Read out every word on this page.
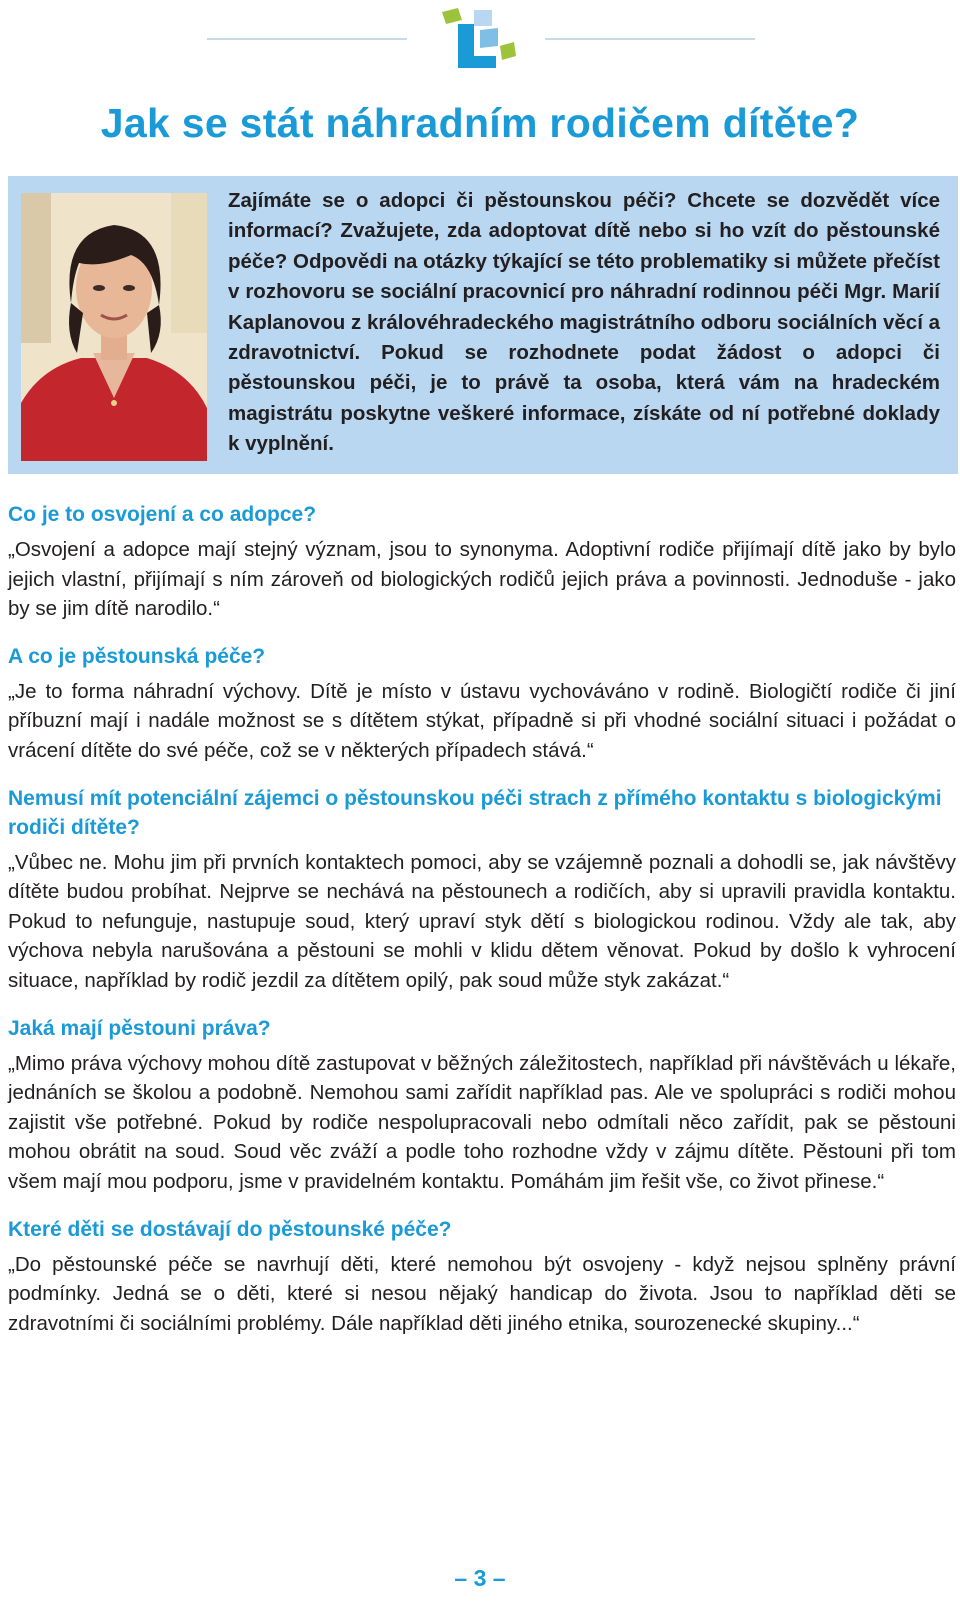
Jak se stát náhradním rodičem dítěte?

Zajímáte se o adopci či pěstounskou péči? Chcete se dozvědět více informací? Zvažujete, zda adoptovat dítě nebo si ho vzít do pěstounské péče? Odpovědi na otázky týkající se této problematiky si můžete přečíst v rozhovoru se sociální pracovnicí pro náhradní rodinnou péči Mgr. Marií Kaplanovou z královéhradeckého magistrátního odboru sociálních věcí a zdravotnictví. Pokud se rozhodnete podat žádost o adopci či pěstounskou péči, je to právě ta osoba, která vám na hradeckém magistrátu poskytne veškeré informace, získáte od ní potřebné doklady k vyplnění.

Co je to osvojení a co adopce?

„Osvojení a adopce mají stejný význam, jsou to synonyma. Adoptivní rodiče přijímají dítě jako by bylo jejich vlastní, přijímají s ním zároveň od biologických rodičů jejich práva a povinnosti. Jednoduše - jako by se jim dítě narodilo.“

A co je pěstounská péče?

„Je to forma náhradní výchovy. Dítě je místo v ústavu vychováváno v rodině. Biologičtí rodiče či jiní příbuzní mají i nadále možnost se s dítětem stýkat, případně si při vhodné sociální situaci i požádat o vrácení dítěte do své péče, což se v některých případech stává.“

Nemusí mít potenciální zájemci o pěstounskou péči strach z přímého kontaktu s biologickými rodiči dítěte?

„Vůbec ne. Mohu jim při prvních kontaktech pomoci, aby se vzájemně poznali a dohodli se, jak návštěvy dítěte budou probíhat. Nejprve se nechává na pěstounech a rodičích, aby si upravili pravidla kontaktu. Pokud to nefunguje, nastupuje soud, který upraví styk dětí s biologickou rodinou. Vždy ale tak, aby výchova nebyla narušována a pěstouni se mohli v klidu dětem věnovat. Pokud by došlo k vyhrocení situace, například by rodič jezdil za dítětem opilý, pak soud může styk zakázat.“

Jaká mají pěstouni práva?

„Mimo práva výchovy mohou dítě zastupovat v běžných záležitostech, například při návštěvách u lékaře, jednáních se školou a podobně. Nemohou sami zařídit například pas. Ale ve spolupráci s rodiči mohou zajistit vše potřebné. Pokud by rodiče nespolupracovali nebo odmítali něco zařídit, pak se pěstouni mohou obrátit na soud. Soud věc zváží a podle toho rozhodne vždy v zájmu dítěte. Pěstouni při tom všem mají mou podporu, jsme v pravidelném kontaktu. Pomáhám jim řešit vše, co život přinese.“

Které děti se dostávají do pěstounské péče?

„Do pěstounské péče se navrhují děti, které nemohou být osvojeny - když nejsou splněny právní podmínky. Jedná se o děti, které si nesou nějaký handicap do života. Jsou to například děti se zdravotními či sociálními problémy. Dále například děti jiného etnika, sourozenecké skupiny...“

– 3 –
